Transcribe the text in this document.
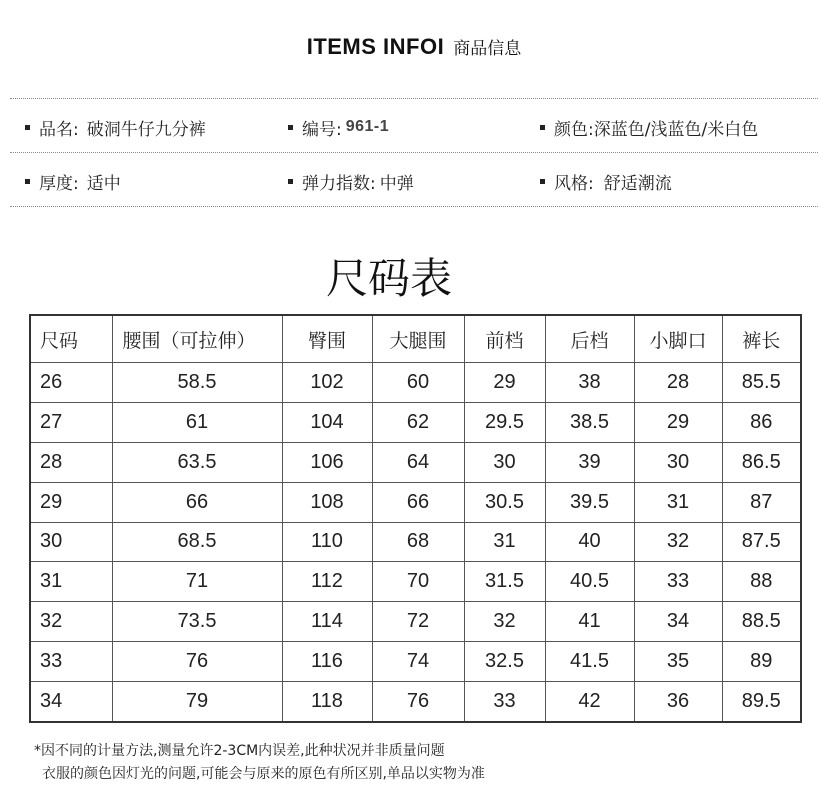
ITEMS INFOI 商品信息
品名: 破洞牛仔九分裤	编号: 961-1	颜色: 深蓝色/浅蓝色/米白色
厚度: 适中	弹力指数: 中弹	风格: 舒适潮流
尺码表
尺码	腰围（可拉伸）	臀围	大腿围	前档	后档	小脚口	裤长
26	58.5	102	60	29	38	28	85.5
27	61	104	62	29.5	38.5	29	86
28	63.5	106	64	30	39	30	86.5
29	66	108	66	30.5	39.5	31	87
30	68.5	110	68	31	40	32	87.5
31	71	112	70	31.5	40.5	33	88
32	73.5	114	72	32	41	34	88.5
33	76	116	74	32.5	41.5	35	89
34	79	118	76	33	42	36	89.5
*因不同的计量方法,测量允许2-3CM内误差,此种状况并非质量问题
衣服的颜色因灯光的问题,可能会与原来的原色有所区别,单品以实物为准
